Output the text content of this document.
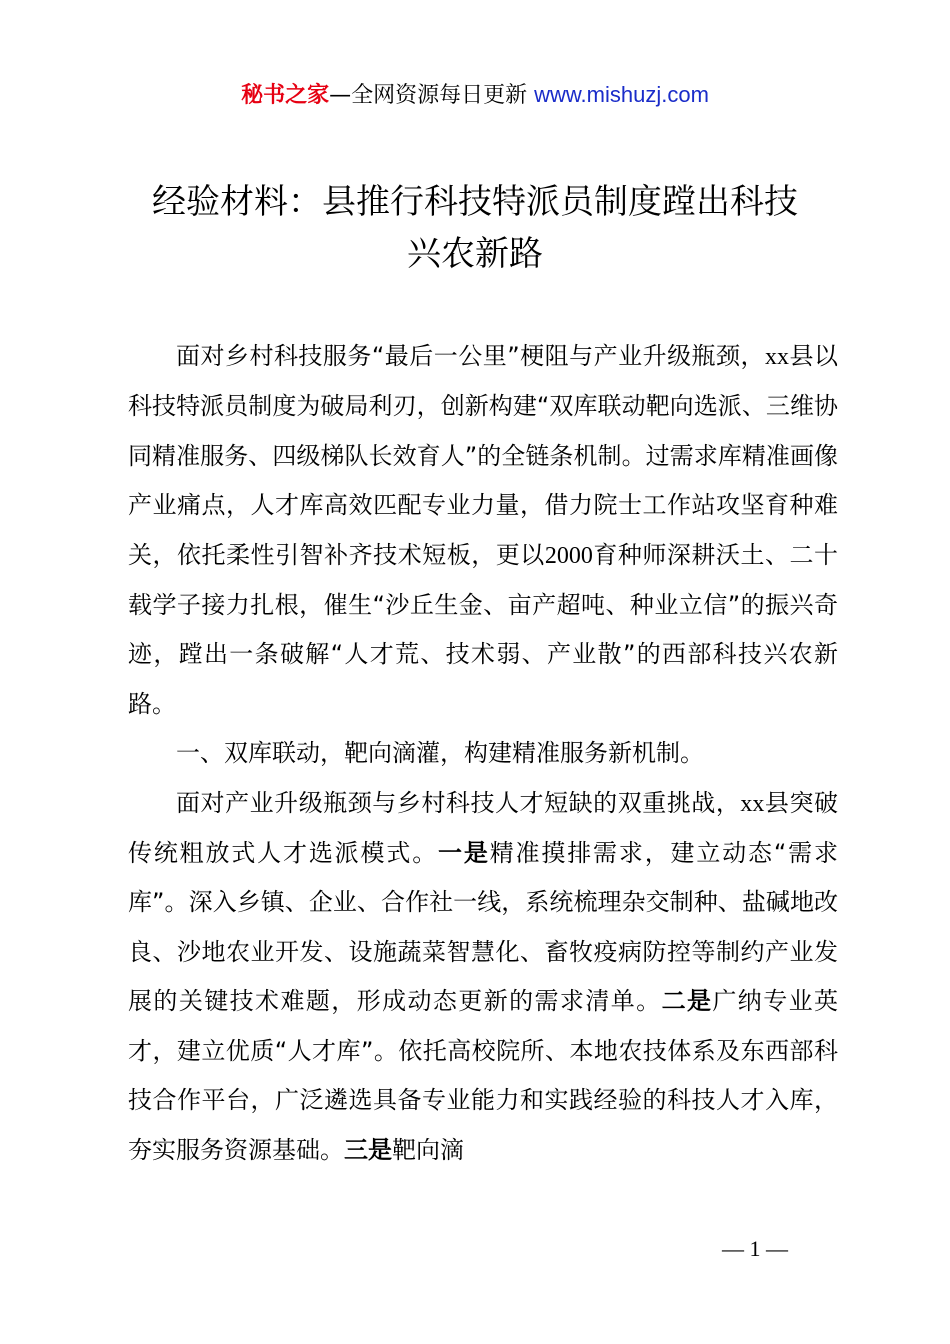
秘书之家—全网资源每日更新 www.mishuzj.com
经验材料：县推行科技特派员制度蹚出科技
兴农新路

面对乡村科技服务“最后一公里”梗阻与产业升级瓶颈，xx县以科技特派员制度为破局利刃，创新构建“双库联动靶向选派、三维协同精准服务、四级梯队长效育人”的全链条机制。过需求库精准画像产业痛点，人才库高效匹配专业力量，借力院士工作站攻坚育种难关，依托柔性引智补齐技术短板，更以2000育种师深耕沃土、二十载学子接力扎根，催生“沙丘生金、亩产超吨、种业立信”的振兴奇迹，蹚出一条破解“人才荒、技术弱、产业散”的西部科技兴农新路。

一、双库联动，靶向滴灌，构建精准服务新机制。

面对产业升级瓶颈与乡村科技人才短缺的双重挑战，xx县突破传统粗放式人才选派模式。一是精准摸排需求，建立动态“需求库”。深入乡镇、企业、合作社一线，系统梳理杂交制种、盐碱地改良、沙地农业开发、设施蔬菜智慧化、畜牧疫病防控等制约产业发展的关键技术难题，形成动态更新的需求清单。二是广纳专业英才，建立优质“人才库”。依托高校院所、本地农技体系及东西部科技合作平台，广泛遴选具备专业能力和实践经验的科技人才入库，夯实服务资源基础。三是靶向滴

— 1 —
